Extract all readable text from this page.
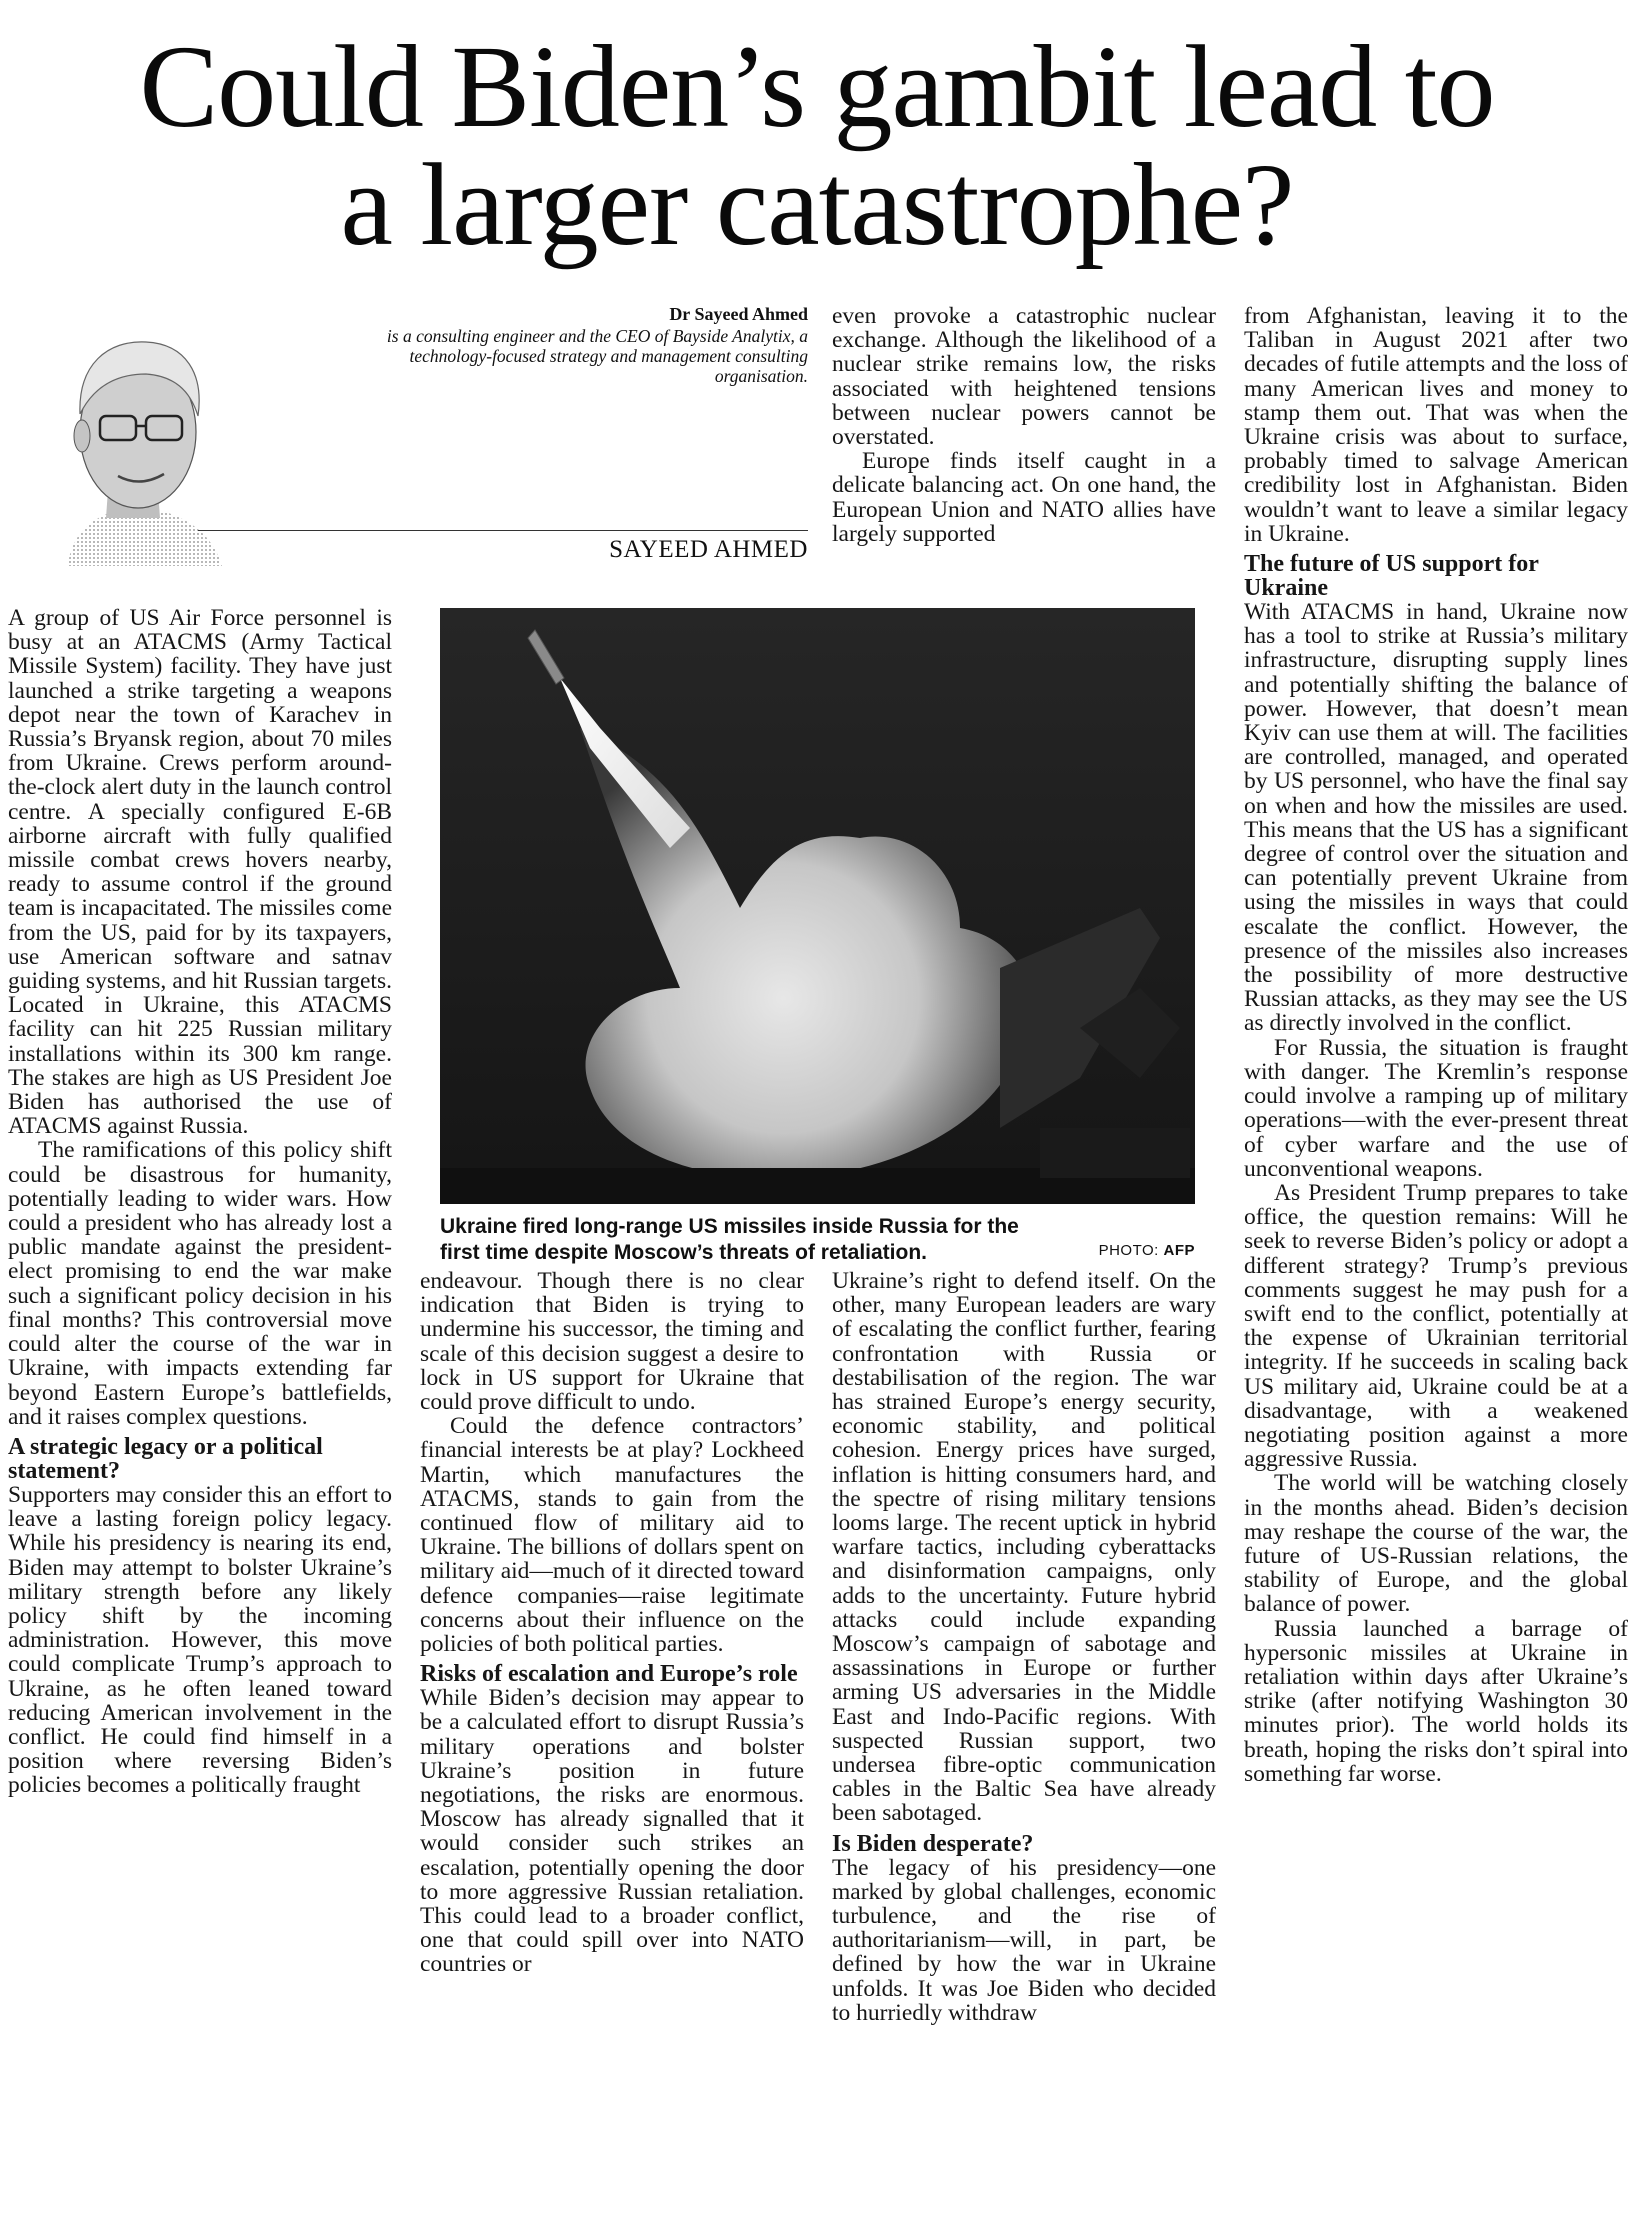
Could Biden’s gambit lead to
a larger catastrophe?
Dr Sayeed Ahmed
is a consulting engineer and the CEO of Bayside Analytix, a technology-focused strategy and management consulting organisation.
SAYEED AHMED

A group of US Air Force personnel is busy at an ATACMS (Army Tactical Missile System) facility. They have just launched a strike targeting a weapons depot near the town of Karachev in Russia’s Bryansk region, about 70 miles from Ukraine. Crews perform around-the-clock alert duty in the launch control centre. A specially configured E-6B airborne aircraft with fully qualified missile combat crews hovers nearby, ready to assume control if the ground team is incapacitated. The missiles come from the US, paid for by its taxpayers, use American software and satnav guiding systems, and hit Russian targets. Located in Ukraine, this ATACMS facility can hit 225 Russian military installations within its 300 km range. The stakes are high as US President Joe Biden has authorised the use of ATACMS against Russia.

The ramifications of this policy shift could be disastrous for humanity, potentially leading to wider wars. How could a president who has already lost a public mandate against the president-elect promising to end the war make such a significant policy decision in his final months? This controversial move could alter the course of the war in Ukraine, with impacts extending far beyond Eastern Europe’s battlefields, and it raises complex questions.

A strategic legacy or a political statement?

Supporters may consider this an effort to leave a lasting foreign policy legacy. While his presidency is nearing its end, Biden may attempt to bolster Ukraine’s military strength before any likely policy shift by the incoming administration. However, this move could complicate Trump’s approach to Ukraine, as he often leaned toward reducing American involvement in the conflict. He could find himself in a position where reversing Biden’s policies becomes a politically fraught

Ukraine fired long-range US missiles inside Russia for the first time despite Moscow’s threats of retaliation.	PHOTO: AFP

endeavour. Though there is no clear indication that Biden is trying to undermine his successor, the timing and scale of this decision suggest a desire to lock in US support for Ukraine that could prove difficult to undo.

Could the defence contractors’ financial interests be at play? Lockheed Martin, which manufactures the ATACMS, stands to gain from the continued flow of military aid to Ukraine. The billions of dollars spent on military aid—much of it directed toward defence companies—raise legitimate concerns about their influence on the policies of both political parties.

Risks of escalation and Europe’s role

While Biden’s decision may appear to be a calculated effort to disrupt Russia’s military operations and bolster Ukraine’s position in future negotiations, the risks are enormous. Moscow has already signalled that it would consider such strikes an escalation, potentially opening the door to more aggressive Russian retaliation. This could lead to a broader conflict, one that could spill over into NATO countries or

even provoke a catastrophic nuclear exchange. Although the likelihood of a nuclear strike remains low, the risks associated with heightened tensions between nuclear powers cannot be overstated.

Europe finds itself caught in a delicate balancing act. On one hand, the European Union and NATO allies have largely supported

Ukraine’s right to defend itself. On the other, many European leaders are wary of escalating the conflict further, fearing confrontation with Russia or destabilisation of the region. The war has strained Europe’s energy security, economic stability, and political cohesion. Energy prices have surged, inflation is hitting consumers hard, and the spectre of rising military tensions looms large. The recent uptick in hybrid warfare tactics, including cyberattacks and disinformation campaigns, only adds to the uncertainty. Future hybrid attacks could include expanding Moscow’s campaign of sabotage and assassinations in Europe or further arming US adversaries in the Middle East and Indo-Pacific regions. With suspected Russian support, two undersea fibre-optic communication cables in the Baltic Sea have already been sabotaged.

Is Biden desperate?

The legacy of his presidency—one marked by global challenges, economic turbulence, and the rise of authoritarianism—will, in part, be defined by how the war in Ukraine unfolds. It was Joe Biden who decided to hurriedly withdraw

from Afghanistan, leaving it to the Taliban in August 2021 after two decades of futile attempts and the loss of many American lives and money to stamp them out. That was when the Ukraine crisis was about to surface, probably timed to salvage American credibility lost in Afghanistan. Biden wouldn’t want to leave a similar legacy in Ukraine.

The future of US support for Ukraine

With ATACMS in hand, Ukraine now has a tool to strike at Russia’s military infrastructure, disrupting supply lines and potentially shifting the balance of power. However, that doesn’t mean Kyiv can use them at will. The facilities are controlled, managed, and operated by US personnel, who have the final say on when and how the missiles are used. This means that the US has a significant degree of control over the situation and can potentially prevent Ukraine from using the missiles in ways that could escalate the conflict. However, the presence of the missiles also increases the possibility of more destructive Russian attacks, as they may see the US as directly involved in the conflict.

For Russia, the situation is fraught with danger. The Kremlin’s response could involve a ramping up of military operations—with the ever-present threat of cyber warfare and the use of unconventional weapons.

As President Trump prepares to take office, the question remains: Will he seek to reverse Biden’s policy or adopt a different strategy? Trump’s previous comments suggest he may push for a swift end to the conflict, potentially at the expense of Ukrainian territorial integrity. If he succeeds in scaling back US military aid, Ukraine could be at a disadvantage, with a weakened negotiating position against a more aggressive Russia.

The world will be watching closely in the months ahead. Biden’s decision may reshape the course of the war, the future of US-Russian relations, the stability of Europe, and the global balance of power.

Russia launched a barrage of hypersonic missiles at Ukraine in retaliation within days after Ukraine’s strike (after notifying Washington 30 minutes prior). The world holds its breath, hoping the risks don’t spiral into something far worse.
